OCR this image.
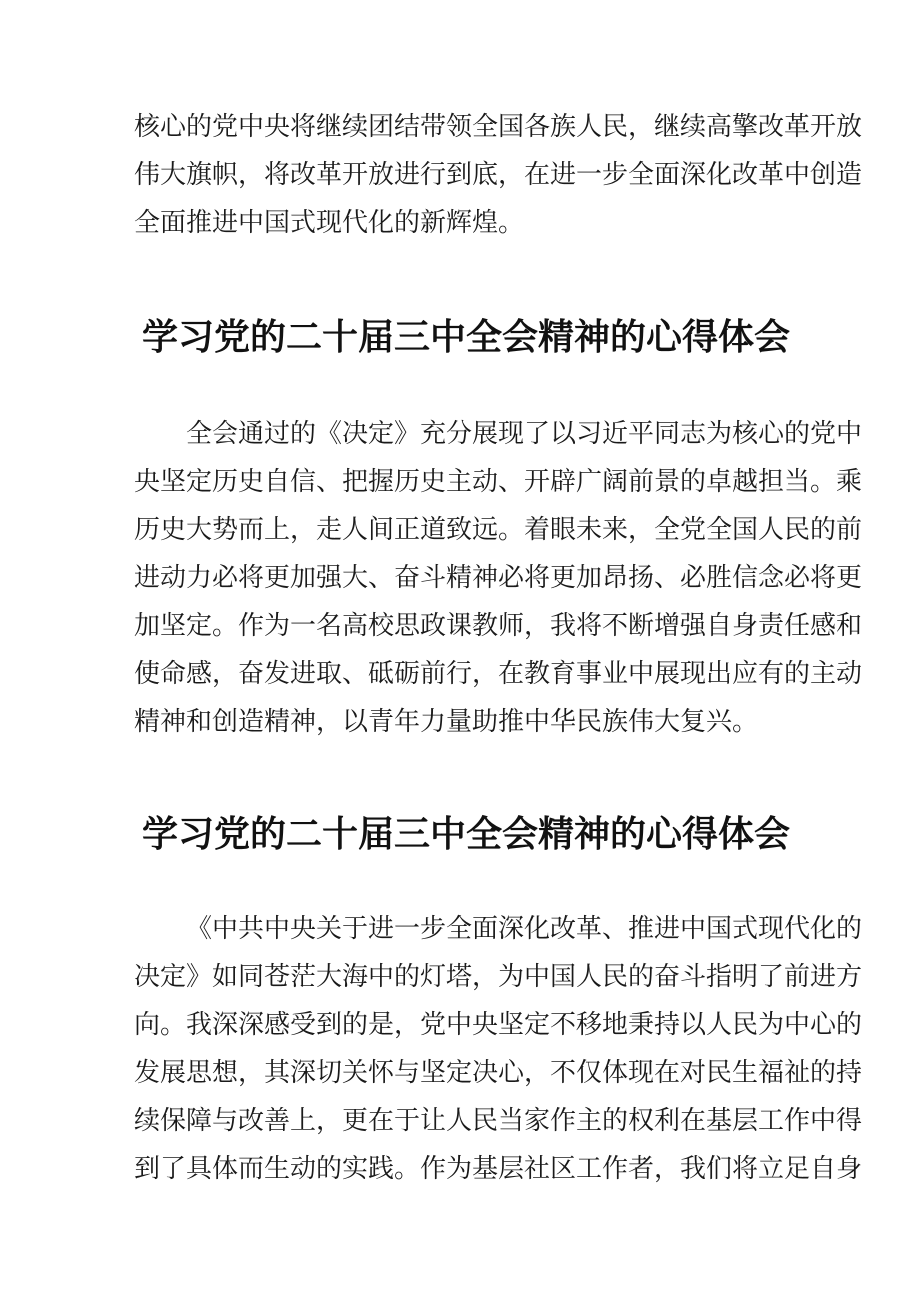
核心的党中央将继续团结带领全国各族人民，继续高擎改革开放
伟大旗帜，将改革开放进行到底，在进一步全面深化改革中创造
全面推进中国式现代化的新辉煌。
学习党的二十届三中全会精神的心得体会
全会通过的《决定》充分展现了以习近平同志为核心的党中
央坚定历史自信、把握历史主动、开辟广阔前景的卓越担当。乘
历史大势而上，走人间正道致远。着眼未来，全党全国人民的前
进动力必将更加强大、奋斗精神必将更加昂扬、必胜信念必将更
加坚定。作为一名高校思政课教师，我将不断增强自身责任感和
使命感，奋发进取、砥砺前行，在教育事业中展现出应有的主动
精神和创造精神，以青年力量助推中华民族伟大复兴。
学习党的二十届三中全会精神的心得体会
《中共中央关于进一步全面深化改革、推进中国式现代化的
决定》如同苍茫大海中的灯塔，为中国人民的奋斗指明了前进方
向。我深深感受到的是，党中央坚定不移地秉持以人民为中心的
发展思想，其深切关怀与坚定决心，不仅体现在对民生福祉的持
续保障与改善上，更在于让人民当家作主的权利在基层工作中得
到了具体而生动的实践。作为基层社区工作者，我们将立足自身
